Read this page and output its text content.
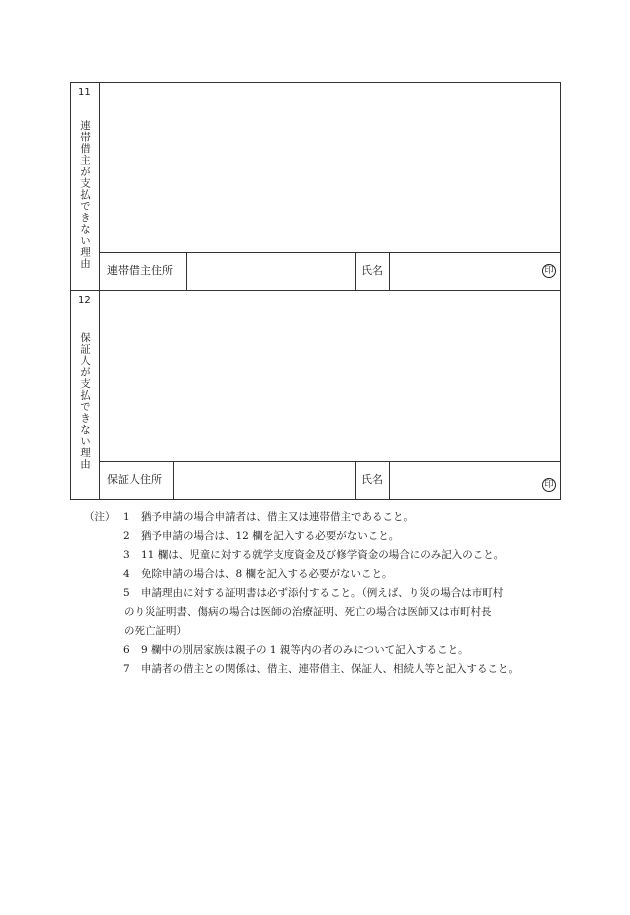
11
連帯借主が支払できない理由
連帯借主住所	氏名	印
12
保証人が支払できない理由
保証人住所	氏名	印
（注） 1 猶予申請の場合申請者は、借主又は連帯借主であること。
2 猶予申請の場合は、12 欄を記入する必要がないこと。
3 11 欄は、児童に対する就学支度資金及び修学資金の場合にのみ記入のこと。
4 免除申請の場合は、8 欄を記入する必要がないこと。
5 申請理由に対する証明書は必ず添付すること。（例えば、り災の場合は市町村
のり災証明書、傷病の場合は医師の治療証明、死亡の場合は医師又は市町村長
の死亡証明）
6 9 欄中の別居家族は親子の 1 親等内の者のみについて記入すること。
7 申請者の借主との関係は、借主、連帯借主、保証人、相続人等と記入すること。
